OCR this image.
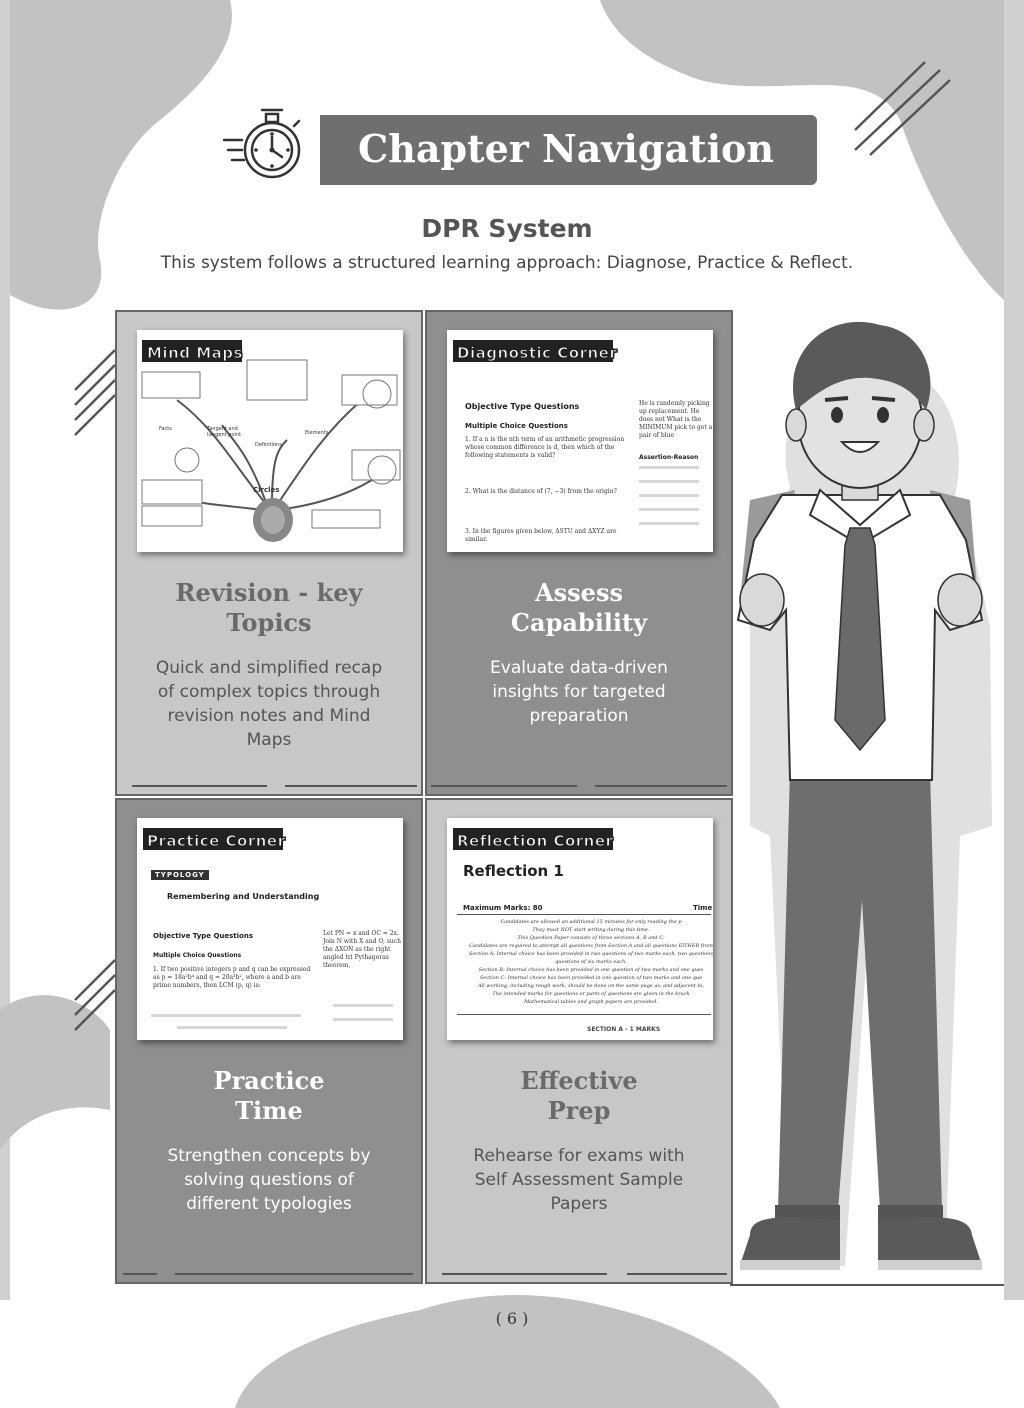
Chapter Navigation
DPR System
This system follows a structured learning approach: Diagnose, Practice & Reflect.
Mind Maps
Circles
Tangent and tangent point
Definitions
Elements
Facts
Revision - key
Topics
Quick and simplified recap of complex topics through revision notes and Mind Maps
Diagnostic Corner
Objective Type Questions
Multiple Choice Questions
1. If a n is the nth term of an arithmetic progression whose common difference is d, then which of the following statements is valid?
2. What is the distance of (7, −3) from the origin?
3. In the figures given below, ΔSTU and ΔXYZ are similar.
He is randomly picking up replacement. He does not What is the MINIMUM pick to get a pair of blue
Assertion-Reason
Assess
Capability
Evaluate data-driven insights for targeted preparation
Practice Corner
TYPOLOGY
Remembering and Understanding
Objective Type Questions
Multiple Choice Questions
1. If two positive integers p and q can be expressed as p = 18a²b⁴ and q = 20a³b², where a and b are prime numbers, then LCM (p, q) is:
Let PN = x and OC = 2x. Join N with X and O, such the ΔXON as the right angled tri Pythagoras theorem,
Practice
Time
Strengthen concepts by solving questions of different typologies
Reflection Corner
Reflection 1
Maximum Marks: 80	Time
Candidates are allowed an additional 15 minutes for only reading the p
They must NOT start writing during this time.
This Question Paper consists of three sections A, B and C.
Candidates are required to attempt all questions from Section A and all questions EITHER from
Section A: Internal choice has been provided in two questions of two marks each, two questions
questions of six marks each.
Section B: Internal choice has been provided in one question of two marks and one ques
Section C: Internal choice has been provided in one question of two marks and one que
All working, including rough work, should be done on the same page as, and adjacent to,
The intended marks for questions or parts of questions are given in the brack
Mathematical tables and graph papers are provided.
SECTION A - 1 MARKS
Effective
Prep
Rehearse for exams with Self Assessment Sample Papers
( 6 )
